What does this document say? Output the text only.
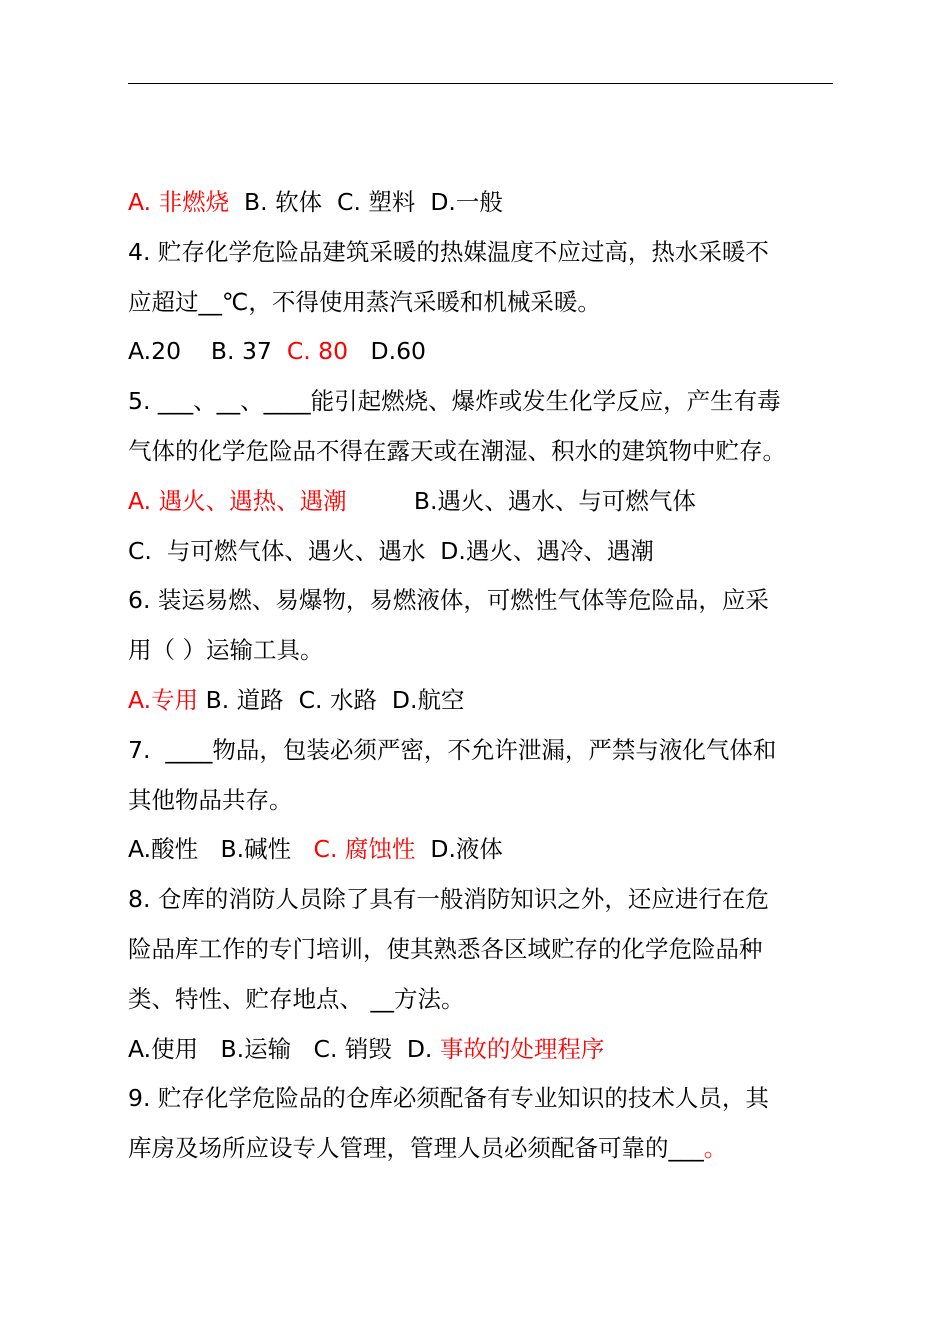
A. 非燃烧  B. 软体  C. 塑料  D.一般
4. 贮存化学危险品建筑采暖的热媒温度不应过高，热水采暖不
应超过__℃，不得使用蒸汽采暖和机械采暖。
A.20    B. 37  C. 80   D.60
5. ___、__、____能引起燃烧、爆炸或发生化学反应，产生有毒
气体的化学危险品不得在露天或在潮湿、积水的建筑物中贮存。
A. 遇火、遇热、遇潮         B.遇火、遇水、与可燃气体
C.  与可燃气体、遇火、遇水  D.遇火、遇冷、遇潮
6. 装运易燃、易爆物，易燃液体，可燃性气体等危险品，应采
用（ ）运输工具。
A.专用 B. 道路  C. 水路  D.航空
7.  ____物品，包装必须严密，不允许泄漏，严禁与液化气体和
其他物品共存。
A.酸性   B.碱性   C. 腐蚀性  D.液体
8. 仓库的消防人员除了具有一般消防知识之外，还应进行在危
险品库工作的专门培训，使其熟悉各区域贮存的化学危险品种
类、特性、贮存地点、 __方法。
A.使用   B.运输   C. 销毁  D. 事故的处理程序
9. 贮存化学危险品的仓库必须配备有专业知识的技术人员，其
库房及场所应设专人管理，管理人员必须配备可靠的___。
